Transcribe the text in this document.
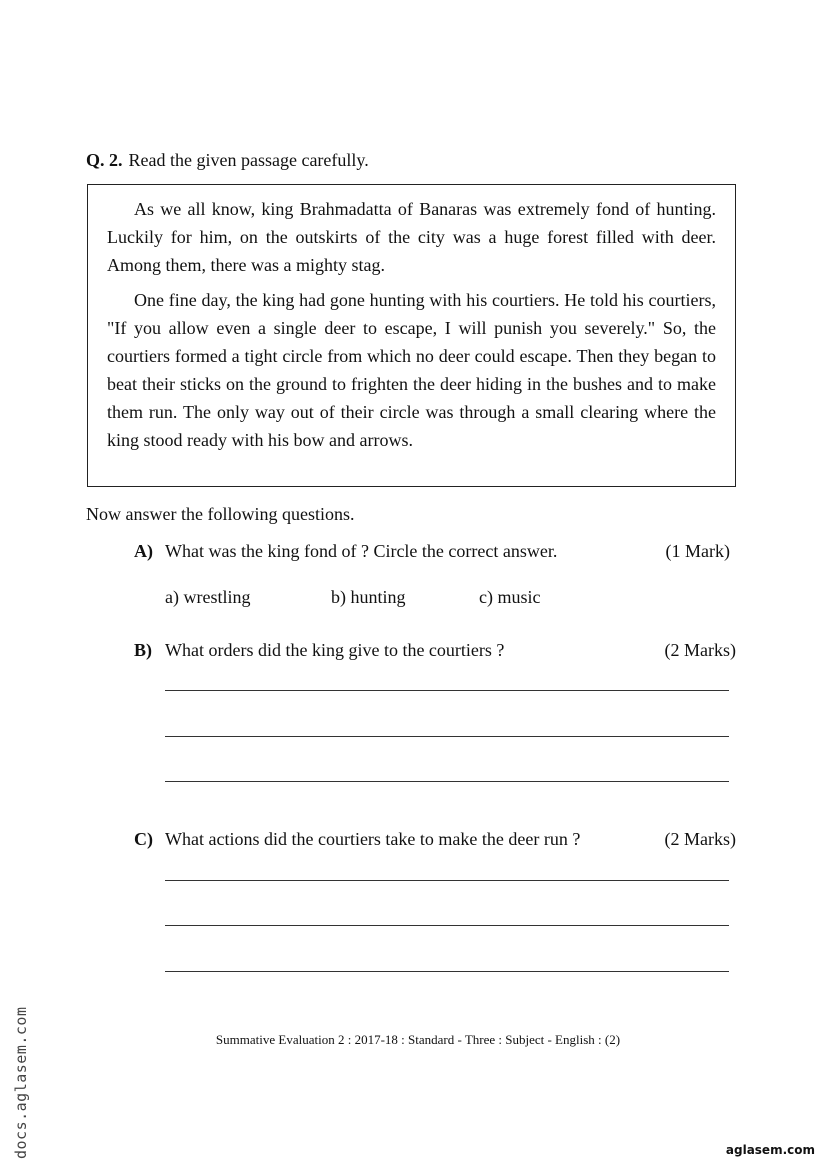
Q. 2. Read the given passage carefully.

As we all know, king Brahmadatta of Banaras was extremely fond of hunting. Luckily for him, on the outskirts of the city was a huge forest filled with deer. Among them, there was a mighty stag.

One fine day, the king had gone hunting with his courtiers. He told his courtiers, "If you allow even a single deer to escape, I will punish you severely." So, the courtiers formed a tight circle from which no deer could escape. Then they began to beat their sticks on the ground to frighten the deer hiding in the bushes and to make them run. The only way out of their circle was through a small clearing where the king stood ready with his bow and arrows.

Now answer the following questions.
A) What was the king fond of ? Circle the correct answer.	(1 Mark)
a) wrestling	b) hunting	c) music
B) What orders did the king give to the courtiers ?	(2 Marks)
C) What actions did the courtiers take to make the deer run ?	(2 Marks)
Summative Evaluation 2 : 2017-18 : Standard - Three : Subject - English : (2)
docs.aglasem.com	aglasem.com
